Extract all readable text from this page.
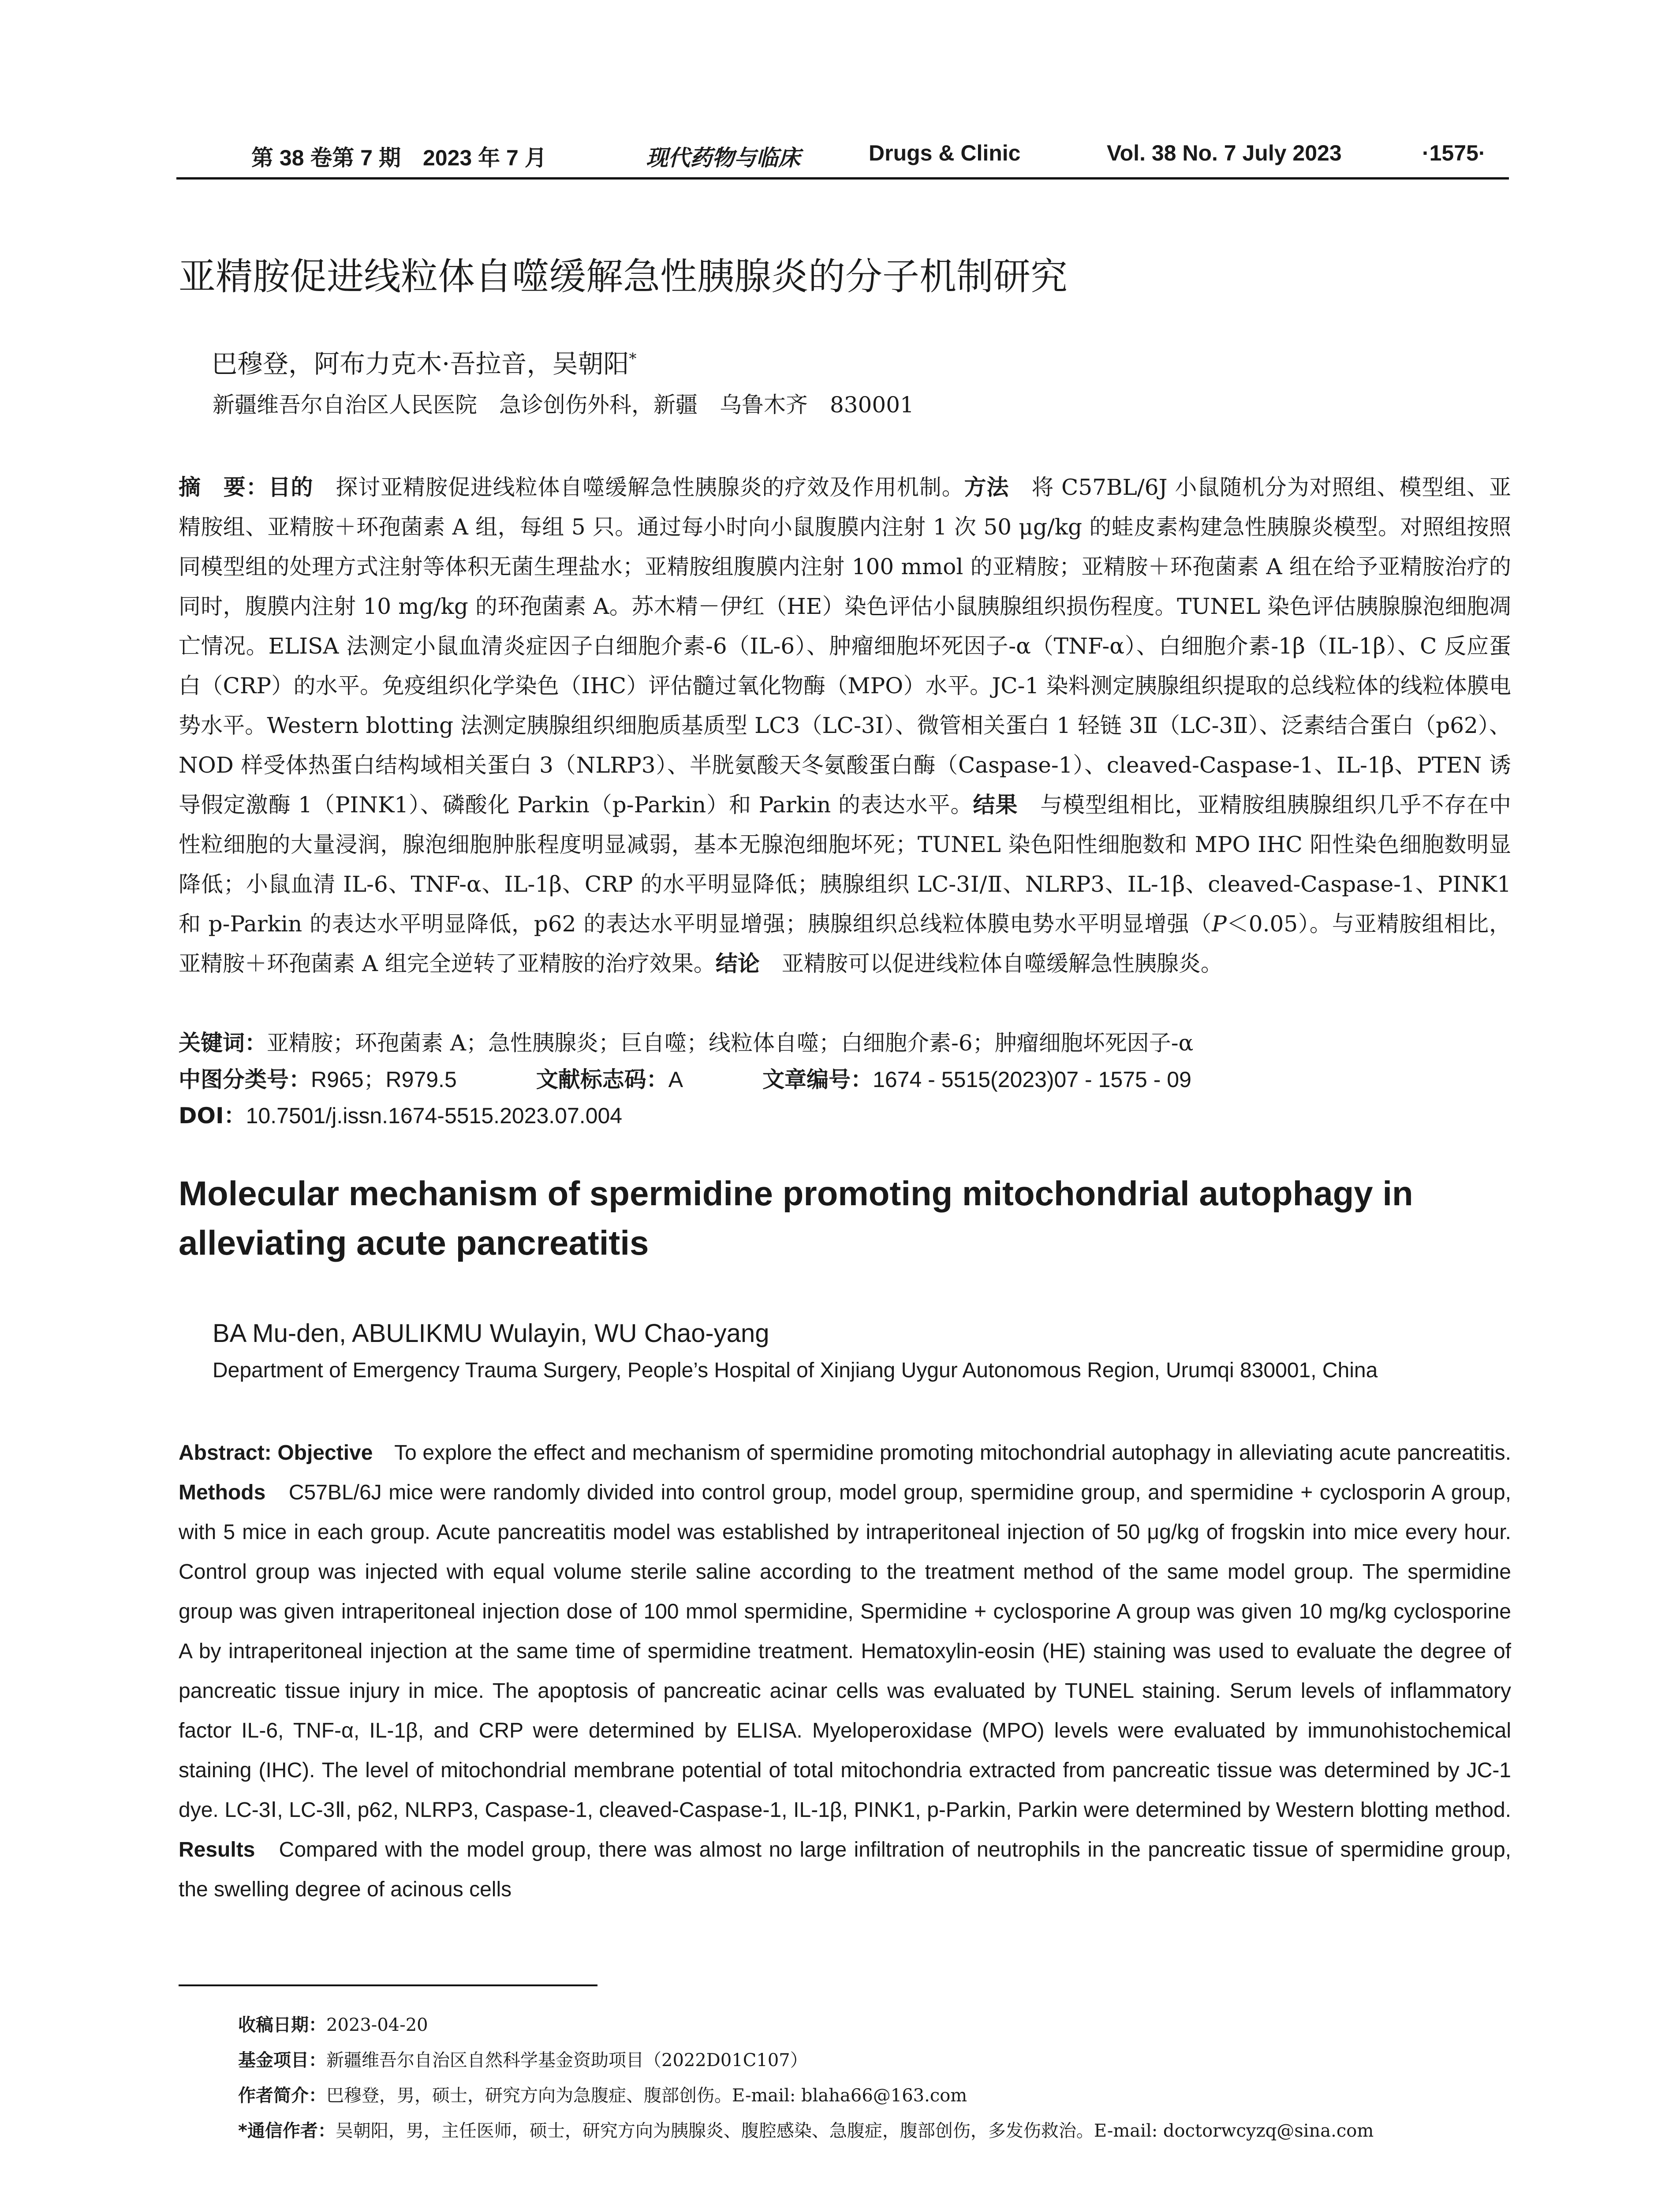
第 38 卷第 7 期　2023 年 7 月	现代药物与临床	Drugs & Clinic	Vol. 38 No. 7 July 2023	·1575·
亚精胺促进线粒体自噬缓解急性胰腺炎的分子机制研究
巴穆登，阿布力克木·吾拉音，吴朝阳*
新疆维吾尔自治区人民医院　急诊创伤外科，新疆　乌鲁木齐　830001
摘　要：目的　探讨亚精胺促进线粒体自噬缓解急性胰腺炎的疗效及作用机制。方法　将 C57BL/6J 小鼠随机分为对照组、模型组、亚精胺组、亚精胺＋环孢菌素 A 组，每组 5 只。通过每小时向小鼠腹膜内注射 1 次 50 μg/kg 的蛙皮素构建急性胰腺炎模型。对照组按照同模型组的处理方式注射等体积无菌生理盐水；亚精胺组腹膜内注射 100 mmol 的亚精胺；亚精胺＋环孢菌素 A 组在给予亚精胺治疗的同时，腹膜内注射 10 mg/kg 的环孢菌素 A。苏木精－伊红（HE）染色评估小鼠胰腺组织损伤程度。TUNEL 染色评估胰腺腺泡细胞凋亡情况。ELISA 法测定小鼠血清炎症因子白细胞介素-6（IL-6）、肿瘤细胞坏死因子-α（TNF-α）、白细胞介素-1β（IL-1β）、C 反应蛋白（CRP）的水平。免疫组织化学染色（IHC）评估髓过氧化物酶（MPO）水平。JC-1 染料测定胰腺组织提取的总线粒体的线粒体膜电势水平。Western blotting 法测定胰腺组织细胞质基质型 LC3（LC-3Ⅰ）、微管相关蛋白 1 轻链 3Ⅱ（LC-3Ⅱ）、泛素结合蛋白（p62）、NOD 样受体热蛋白结构域相关蛋白 3（NLRP3）、半胱氨酸天冬氨酸蛋白酶（Caspase-1）、cleaved-Caspase-1、IL-1β、PTEN 诱导假定激酶 1（PINK1）、磷酸化 Parkin（p-Parkin）和 Parkin 的表达水平。结果　与模型组相比，亚精胺组胰腺组织几乎不存在中性粒细胞的大量浸润，腺泡细胞肿胀程度明显减弱，基本无腺泡细胞坏死；TUNEL 染色阳性细胞数和 MPO IHC 阳性染色细胞数明显降低；小鼠血清 IL-6、TNF-α、IL-1β、CRP 的水平明显降低；胰腺组织 LC-3Ⅰ/Ⅱ、NLRP3、IL-1β、cleaved-Caspase-1、PINK1 和 p-Parkin 的表达水平明显降低，p62 的表达水平明显增强；胰腺组织总线粒体膜电势水平明显增强（P＜0.05）。与亚精胺组相比，亚精胺＋环孢菌素 A 组完全逆转了亚精胺的治疗效果。结论　亚精胺可以促进线粒体自噬缓解急性胰腺炎。
关键词：亚精胺；环孢菌素 A；急性胰腺炎；巨自噬；线粒体自噬；白细胞介素-6；肿瘤细胞坏死因子-α
中图分类号：R965；R979.5	文献标志码：A	文章编号：1674 - 5515(2023)07 - 1575 - 09
DOI：10.7501/j.issn.1674-5515.2023.07.004
Molecular mechanism of spermidine promoting mitochondrial autophagy in alleviating acute pancreatitis
BA Mu-den, ABULIKMU Wulayin, WU Chao-yang
Department of Emergency Trauma Surgery, People’s Hospital of Xinjiang Uygur Autonomous Region, Urumqi 830001, China
Abstract: Objective　To explore the effect and mechanism of spermidine promoting mitochondrial autophagy in alleviating acute pancreatitis. Methods　C57BL/6J mice were randomly divided into control group, model group, spermidine group, and spermidine + cyclosporin A group, with 5 mice in each group. Acute pancreatitis model was established by intraperitoneal injection of 50 μg/kg of frogskin into mice every hour. Control group was injected with equal volume sterile saline according to the treatment method of the same model group. The spermidine group was given intraperitoneal injection dose of 100 mmol spermidine, Spermidine + cyclosporine A group was given 10 mg/kg cyclosporine A by intraperitoneal injection at the same time of spermidine treatment. Hematoxylin-eosin (HE) staining was used to evaluate the degree of pancreatic tissue injury in mice. The apoptosis of pancreatic acinar cells was evaluated by TUNEL staining. Serum levels of inflammatory factor IL-6, TNF-α, IL-1β, and CRP were determined by ELISA. Myeloperoxidase (MPO) levels were evaluated by immunohistochemical staining (IHC). The level of mitochondrial membrane potential of total mitochondria extracted from pancreatic tissue was determined by JC-1 dye. LC-3Ⅰ, LC-3Ⅱ, p62, NLRP3, Caspase-1, cleaved-Caspase-1, IL-1β, PINK1, p-Parkin, Parkin were determined by Western blotting method. Results　Compared with the model group, there was almost no large infiltration of neutrophils in the pancreatic tissue of spermidine group, the swelling degree of acinous cells
收稿日期：2023-04-20
基金项目：新疆维吾尔自治区自然科学基金资助项目（2022D01C107）
作者简介：巴穆登，男，硕士，研究方向为急腹症、腹部创伤。E-mail: blaha66@163.com
*通信作者：吴朝阳，男，主任医师，硕士，研究方向为胰腺炎、腹腔感染、急腹症，腹部创伤，多发伤救治。E-mail: doctorwcyzq@sina.com
